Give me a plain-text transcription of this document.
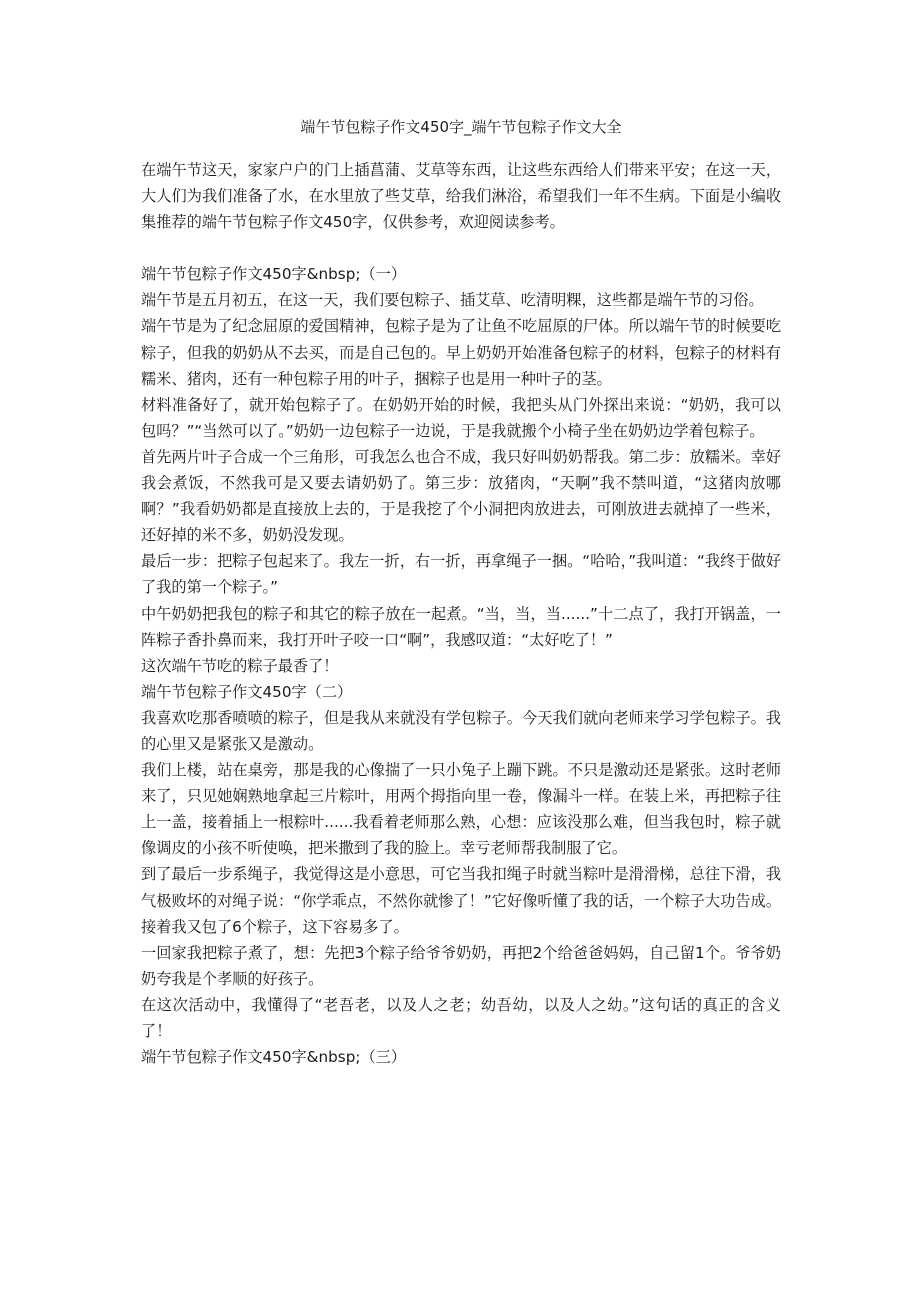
端午节包粽子作文450字_端午节包粽子作文大全

在端午节这天，家家户户的门上插菖蒲、艾草等东西，让这些东西给人们带来平安；在这一天，大人们为我们准备了水，在水里放了些艾草，给我们淋浴，希望我们一年不生病。下面是小编收集推荐的端午节包粽子作文450字，仅供参考，欢迎阅读参考。

端午节包粽子作文450字&nbsp;（一）

端午节是五月初五，在这一天，我们要包粽子、插艾草、吃清明粿，这些都是端午节的习俗。

端午节是为了纪念屈原的爱国精神，包粽子是为了让鱼不吃屈原的尸体。所以端午节的时候要吃粽子，但我的奶奶从不去买，而是自己包的。早上奶奶开始准备包粽子的材料，包粽子的材料有糯米、猪肉，还有一种包粽子用的叶子，捆粽子也是用一种叶子的茎。

材料准备好了，就开始包粽子了。在奶奶开始的时候，我把头从门外探出来说：“奶奶，我可以包吗？”“当然可以了。”奶奶一边包粽子一边说，于是我就搬个小椅子坐在奶奶边学着包粽子。

首先两片叶子合成一个三角形，可我怎么也合不成，我只好叫奶奶帮我。第二步：放糯米。幸好我会煮饭，不然我可是又要去请奶奶了。第三步：放猪肉，“天啊”我不禁叫道，“这猪肉放哪啊？”我看奶奶都是直接放上去的，于是我挖了个小洞把肉放进去，可刚放进去就掉了一些米，还好掉的米不多，奶奶没发现。

最后一步：把粽子包起来了。我左一折，右一折，再拿绳子一捆。“哈哈，”我叫道：“我终于做好了我的第一个粽子。”

中午奶奶把我包的粽子和其它的粽子放在一起煮。“当，当，当......”十二点了，我打开锅盖，一阵粽子香扑鼻而来，我打开叶子咬一口“啊”，我感叹道：“太好吃了！”

这次端午节吃的粽子最香了！

端午节包粽子作文450字（二）

我喜欢吃那香喷喷的粽子，但是我从来就没有学包粽子。今天我们就向老师来学习学包粽子。我的心里又是紧张又是激动。

我们上楼，站在桌旁，那是我的心像揣了一只小兔子上蹦下跳。不只是激动还是紧张。这时老师来了，只见她娴熟地拿起三片粽叶，用两个拇指向里一卷，像漏斗一样。在装上米，再把粽子往上一盖，接着插上一根粽叶......我看着老师那么熟，心想：应该没那么难，但当我包时，粽子就像调皮的小孩不听使唤，把米撒到了我的脸上。幸亏老师帮我制服了它。

到了最后一步系绳子，我觉得这是小意思，可它当我扣绳子时就当粽叶是滑滑梯，总往下滑，我气极败坏的对绳子说：“你学乖点，不然你就惨了！”它好像听懂了我的话，一个粽子大功告成。接着我又包了6个粽子，这下容易多了。

一回家我把粽子煮了，想：先把3个粽子给爷爷奶奶，再把2个给爸爸妈妈，自己留1个。爷爷奶奶夸我是个孝顺的好孩子。

在这次活动中，我懂得了“老吾老，以及人之老；幼吾幼，以及人之幼。”这句话的真正的含义了！

端午节包粽子作文450字&nbsp;（三）
